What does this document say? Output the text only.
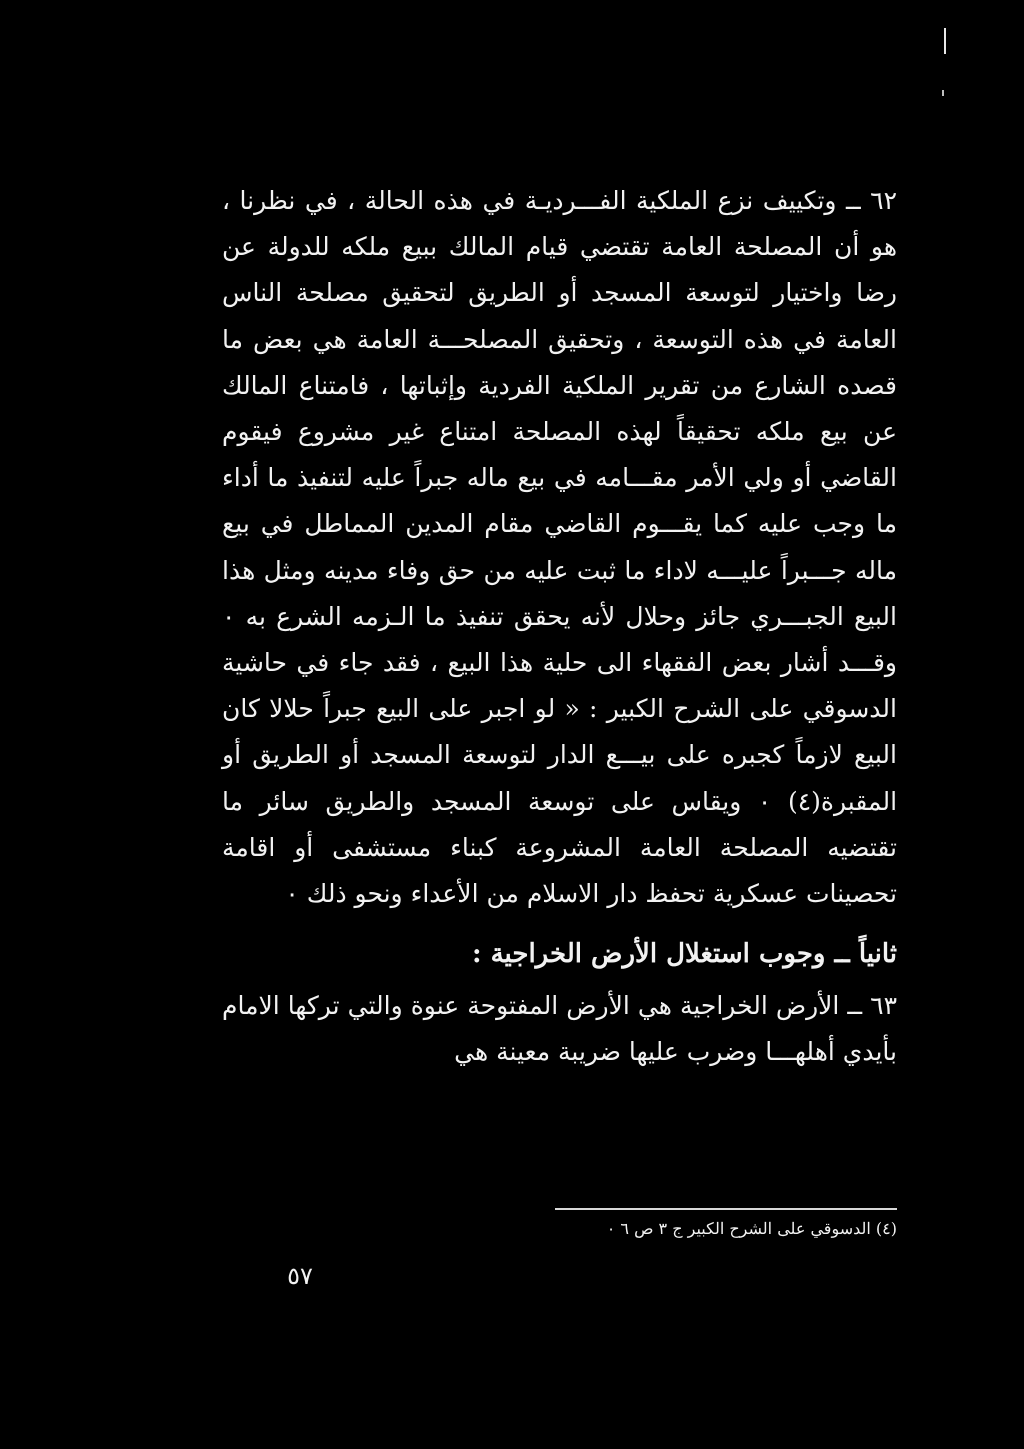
٦٢ ــ وتكييف نزع الملكية الفـــرديـة في هذه الحالة ، في نظرنا ، هو أن المصلحة العامة تقتضي قيام المالك ببيع ملكه للدولة عن رضا واختيار لتوسعة المسجد أو الطريق لتحقيق مصلحة الناس العامة في هذه التوسعة ، وتحقيق المصلحـــة العامة هي بعض ما قصده الشارع من تقرير الملكية الفردية وإثباتها ، فامتناع المالك عن بيع ملكه تحقيقاً لهذه المصلحة امتناع غير مشروع فيقوم القاضي أو ولي الأمر مقـــامه في بيع ماله جبراً عليه لتنفيذ ما أداء ما وجب عليه كما يقـــوم القاضي مقام المدين المماطل في بيع ماله جـــبراً عليـــه لاداء ما ثبت عليه من حق وفاء مدينه ومثل هذا البيع الجبـــري جائز وحلال لأنه يحقق تنفيذ ما الـزمه الشرع به ٠ وقـــد أشار بعض الفقهاء الى حلية هذا البيع ، فقد جاء في حاشية الدسوقي على الشرح الكبير : « لو اجبر على البيع جبراً حلالا كان البيع لازماً كجبره على بيـــع الدار لتوسعة المسجد أو الطريق أو المقبرة(٤) ٠ ويقاس على توسعة المسجد والطريق سائر ما تقتضيه المصلحة العامة المشروعة كبناء مستشفى أو اقامة تحصينات عسكرية تحفظ دار الاسلام من الأعداء ونحو ذلك ٠

ثانياً ــ وجوب استغلال الأرض الخراجية :

٦٣ ــ الأرض الخراجية هي الأرض المفتوحة عنوة والتي تركها الامام بأيدي أهلهـــا وضرب عليها ضريبة معينة هي

(٤) الدسوقي على الشرح الكبير ج ٣ ص ٦ ٠
٥٧
